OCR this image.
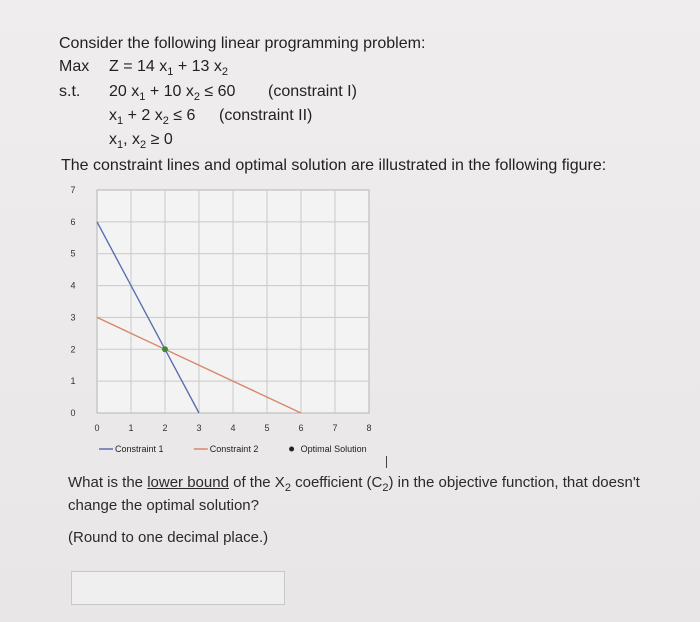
Consider the following linear programming problem:
Max Z = 14 $x_1 + 13$ $x_2$
s.t. 20 $x_1 + 10$ $x_2 \le 60$ (constraint I)
$x_1 + 2$ $x_2 \le 6$ (constraint II)
$x_1$, $x_2 \ge 0$
The constraint lines and optimal solution are illustrated in the following figure:
0	1	2	3	4	5	6	7	8
0
1
2
3
4
5
6
7
Constraint 1	Constraint 2	Optimal Solution
What is the lower bound of the $X_2$ coefficient $(C_2)$ in the objective function, that doesn't change the optimal solution?
(Round to one decimal place.)
